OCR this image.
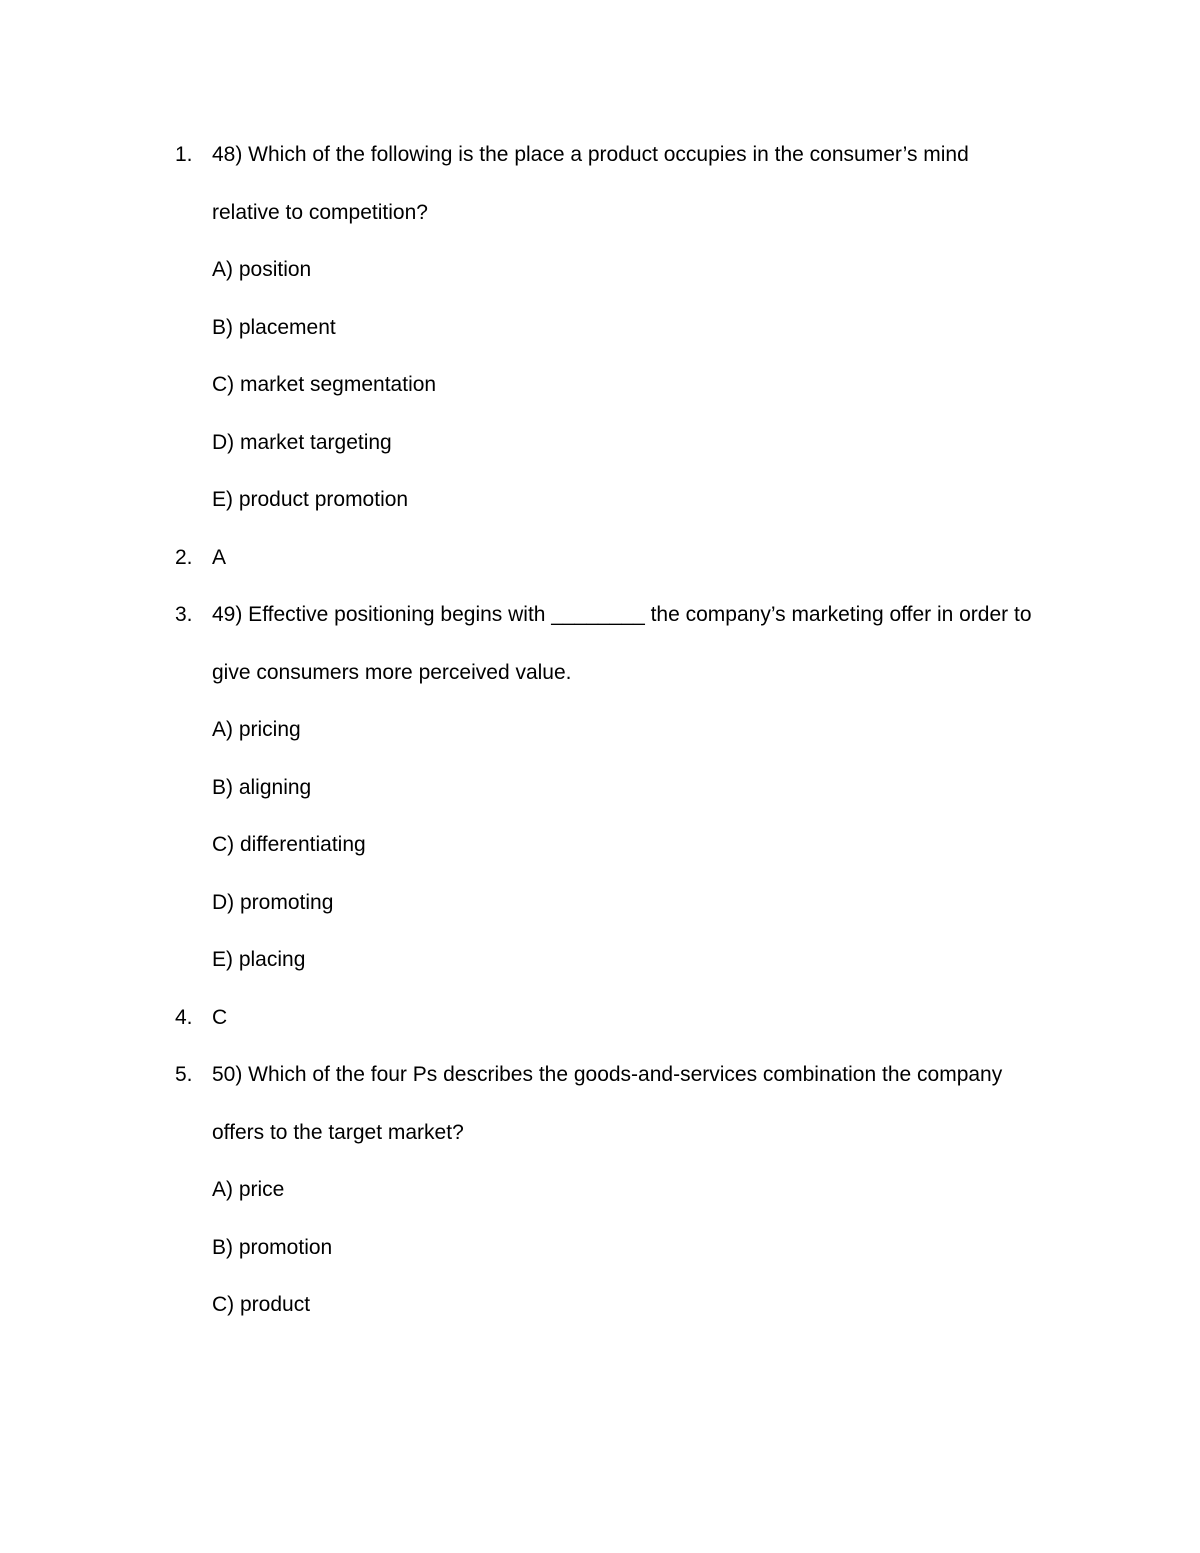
1. 48) Which of the following is the place a product occupies in the consumer’s mind
relative to competition?
A) position
B) placement
C) market segmentation
D) market targeting
E) product promotion
2. A
3. 49) Effective positioning begins with ________ the company’s marketing offer in order to
give consumers more perceived value.
A) pricing
B) aligning
C) differentiating
D) promoting
E) placing
4. C
5. 50) Which of the four Ps describes the goods-and-services combination the company
offers to the target market?
A) price
B) promotion
C) product
